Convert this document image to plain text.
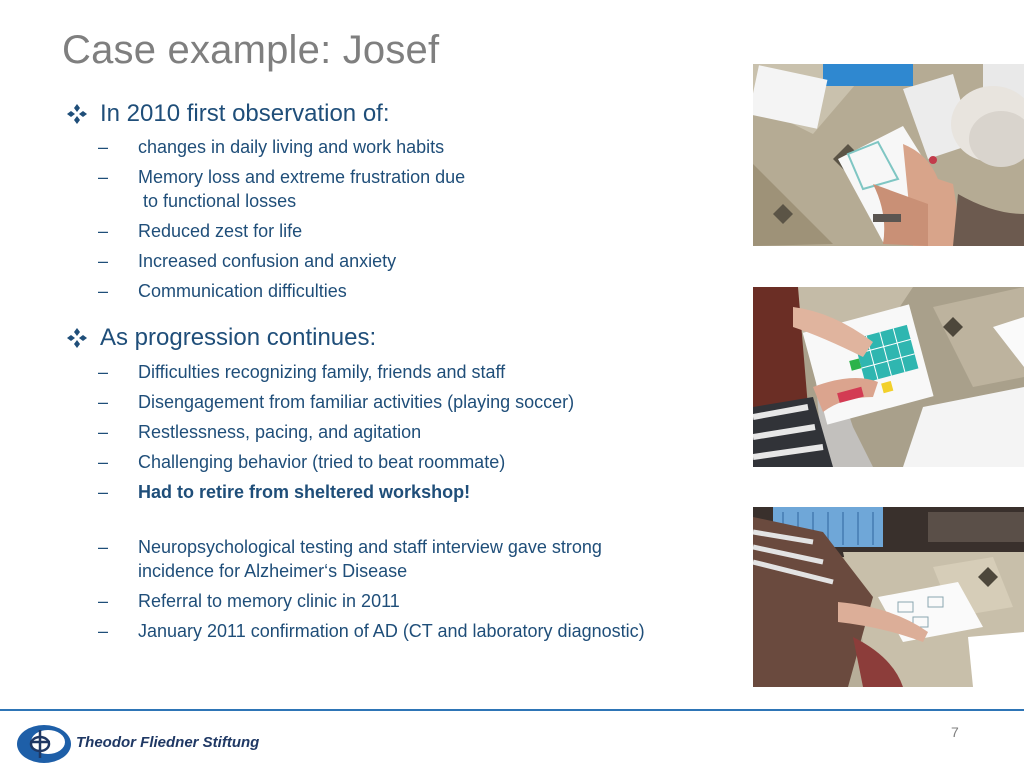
Case example: Josef
In 2010 first observation of:
– changes in daily living and work habits
– Memory loss and extreme frustration due
to functional losses
– Reduced zest for life
– Increased confusion and anxiety
– Communication difficulties
As progression continues:
– Difficulties recognizing family, friends and staff
– Disengagement from familiar activities (playing soccer)
– Restlessness, pacing, and agitation
– Challenging behavior (tried to beat roommate)
– Had to retire from sheltered workshop!
– Neuropsychological testing and staff interview gave strong
incidence for Alzheimer‘s Disease
– Referral to memory clinic in 2011
– January 2011 confirmation of AD (CT and laboratory diagnostic)
Theodor Fliedner Stiftung
7
